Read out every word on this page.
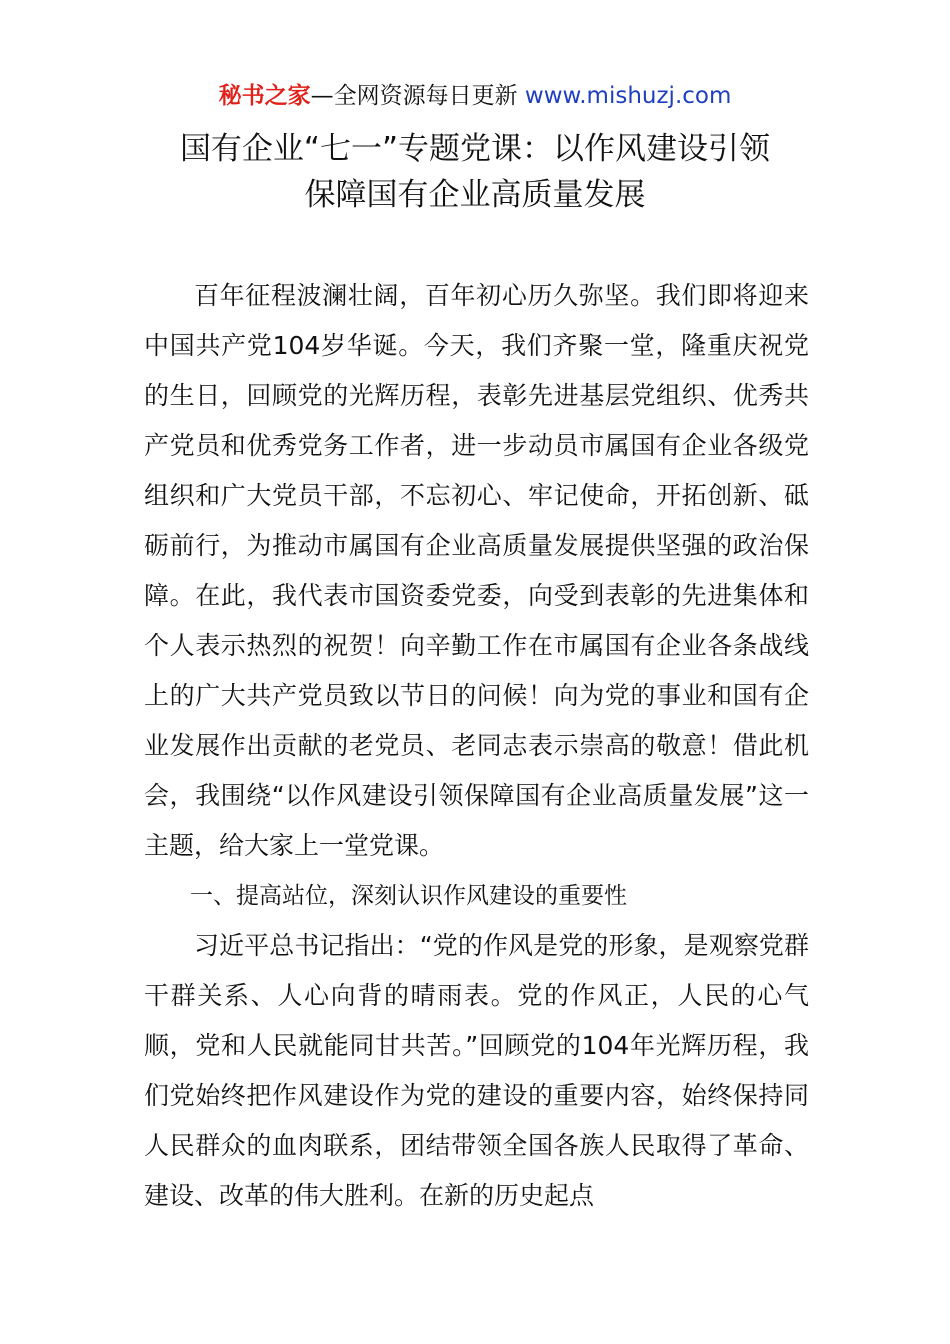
秘书之家—全网资源每日更新 www.mishuzj.com
国有企业“七一”专题党课：以作风建设引领
保障国有企业高质量发展

百年征程波澜壮阔，百年初心历久弥坚。我们即将迎来中国共产党104岁华诞。今天，我们齐聚一堂，隆重庆祝党的生日，回顾党的光辉历程，表彰先进基层党组织、优秀共产党员和优秀党务工作者，进一步动员市属国有企业各级党组织和广大党员干部，不忘初心、牢记使命，开拓创新、砥砺前行，为推动市属国有企业高质量发展提供坚强的政治保障。在此，我代表市国资委党委，向受到表彰的先进集体和个人表示热烈的祝贺！向辛勤工作在市属国有企业各条战线上的广大共产党员致以节日的问候！向为党的事业和国有企业发展作出贡献的老党员、老同志表示崇高的敬意！借此机会，我围绕“以作风建设引领保障国有企业高质量发展”这一主题，给大家上一堂党课。

一、提高站位，深刻认识作风建设的重要性

习近平总书记指出：“党的作风是党的形象，是观察党群干群关系、人心向背的晴雨表。党的作风正，人民的心气顺，党和人民就能同甘共苦。”回顾党的104年光辉历程，我们党始终把作风建设作为党的建设的重要内容，始终保持同人民群众的血肉联系，团结带领全国各族人民取得了革命、建设、改革的伟大胜利。在新的历史起点
